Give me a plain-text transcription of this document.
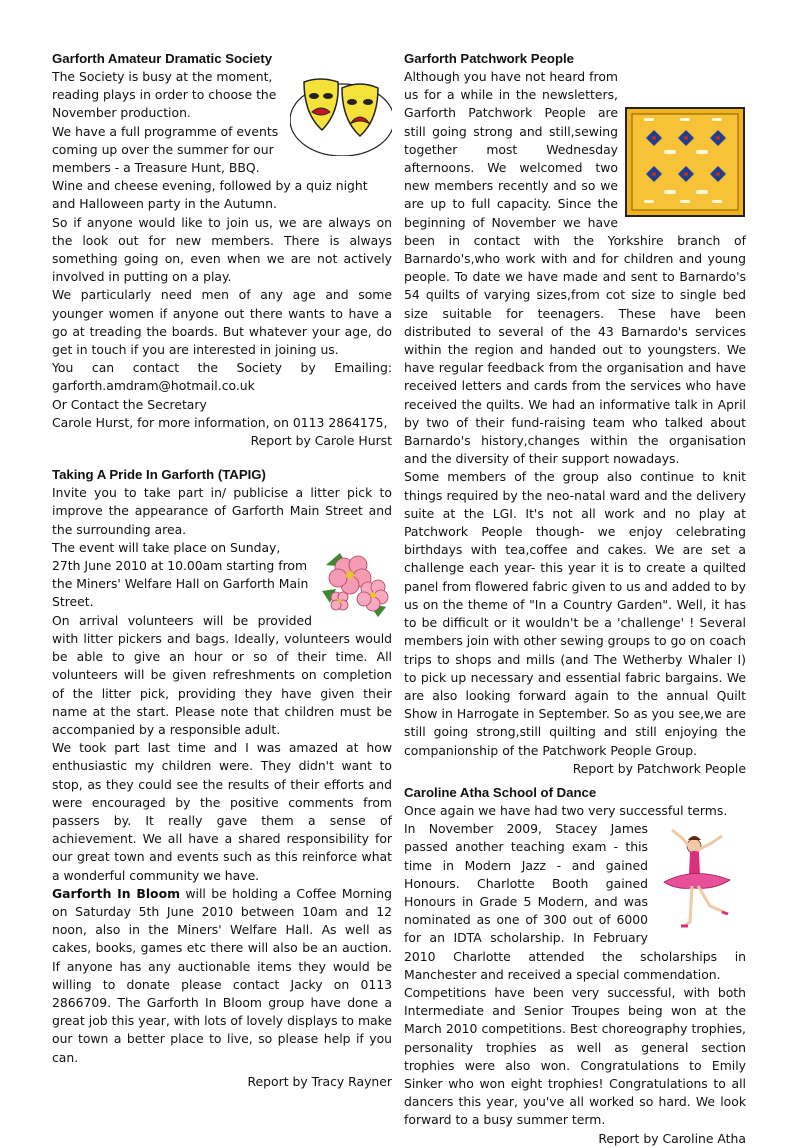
Garforth Amateur Dramatic Society

The Society is busy at the moment, reading plays in order to choose the November production.

We have a full programme of events coming up over the summer for our members - a Treasure Hunt, BBQ. Wine and cheese evening, followed by a quiz night and Halloween party in the Autumn.

So if anyone would like to join us, we are always on the look out for new members. There is always something going on, even when we are not actively involved in putting on a play.

We particularly need men of any age and some younger women if anyone out there wants to have a go at treading the boards. But whatever your age, do get in touch if you are interested in joining us.

You can contact the Society by Emailing:

garforth.amdram@hotmail.co.uk

Or Contact the Secretary

Carole Hurst, for more information, on 0113 2864175,

Report by Carole Hurst

Taking A Pride In Garforth (TAPIG)

Invite you to take part in/ publicise a litter pick to improve the appearance of Garforth Main Street and the surrounding area.

The event will take place on Sunday, 27th June 2010 at 10.00am starting from the Miners' Welfare Hall on Garforth Main Street.

On arrival volunteers will be provided with litter pickers and bags. Ideally, volunteers would be able to give an hour or so of their time. All volunteers will be given refreshments on completion of the litter pick, providing they have given their name at the start. Please note that children must be accompanied by a responsible adult.

We took part last time and I was amazed at how enthusiastic my children were. They didn't want to stop, as they could see the results of their efforts and were encouraged by the positive comments from passers by. It really gave them a sense of achievement. We all have a shared responsibility for our great town and events such as this reinforce what a wonderful community we have.

Garforth In Bloom will be holding a Coffee Morning on Saturday 5th June 2010 between 10am and 12 noon, also in the Miners' Welfare Hall. As well as cakes, books, games etc there will also be an auction. If anyone has any auctionable items they would be willing to donate please contact Jacky on 0113 2866709. The Garforth In Bloom group have done a great job this year, with lots of lovely displays to make our town a better place to live, so please help if you can.

Report by Tracy Rayner

Garforth Patchwork People

Although you have not heard from us for a while in the newsletters, Garforth Patchwork People are still going strong and still,sewing together most Wednesday afternoons. We welcomed two new members recently and so we are up to full capacity. Since the beginning of November we have been in contact with the Yorkshire branch of Barnardo's,who work with and for children and young people. To date we have made and sent to Barnardo's 54 quilts of varying sizes,from cot size to single bed size suitable for teenagers. These have been distributed to several of the 43 Barnardo's services within the region and handed out to youngsters. We have regular feedback from the organisation and have received letters and cards from the services who have received the quilts. We had an informative talk in April by two of their fund-raising team who talked about Barnardo's history,changes within the organisation and the diversity of their support nowadays.

Some members of the group also continue to knit things required by the neo-natal ward and the delivery suite at the LGI. It's not all work and no play at Patchwork People though- we enjoy celebrating birthdays with tea,coffee and cakes. We are set a challenge each year- this year it is to create a quilted panel from flowered fabric given to us and added to by us on the theme of "In a Country Garden". Well, it has to be difficult or it wouldn't be a 'challenge' ! Several members join with other sewing groups to go on coach trips to shops and mills (and The Wetherby Whaler I) to pick up necessary and essential fabric bargains. We are also looking forward again to the annual Quilt Show in Harrogate in September. So as you see,we are still going strong,still quilting and still enjoying the companionship of the Patchwork People Group.

Report by Patchwork People

Caroline Atha School of Dance

Once again we have had two very successful terms.

In November 2009, Stacey James passed another teaching exam - this time in Modern Jazz - and gained Honours. Charlotte Booth gained Honours in Grade 5 Modern, and was nominated as one of 300 out of 6000 for an IDTA scholarship. In February 2010 Charlotte attended the scholarships in Manchester and received a special commendation.

Competitions have been very successful, with both Intermediate and Senior Troupes being won at the March 2010 competitions. Best choreography trophies, personality trophies as well as general section trophies were also won. Congratulations to Emily Sinker who won eight trophies! Congratulations to all dancers this year, you've all worked so hard. We look forward to a busy summer term.

Report by Caroline Atha
